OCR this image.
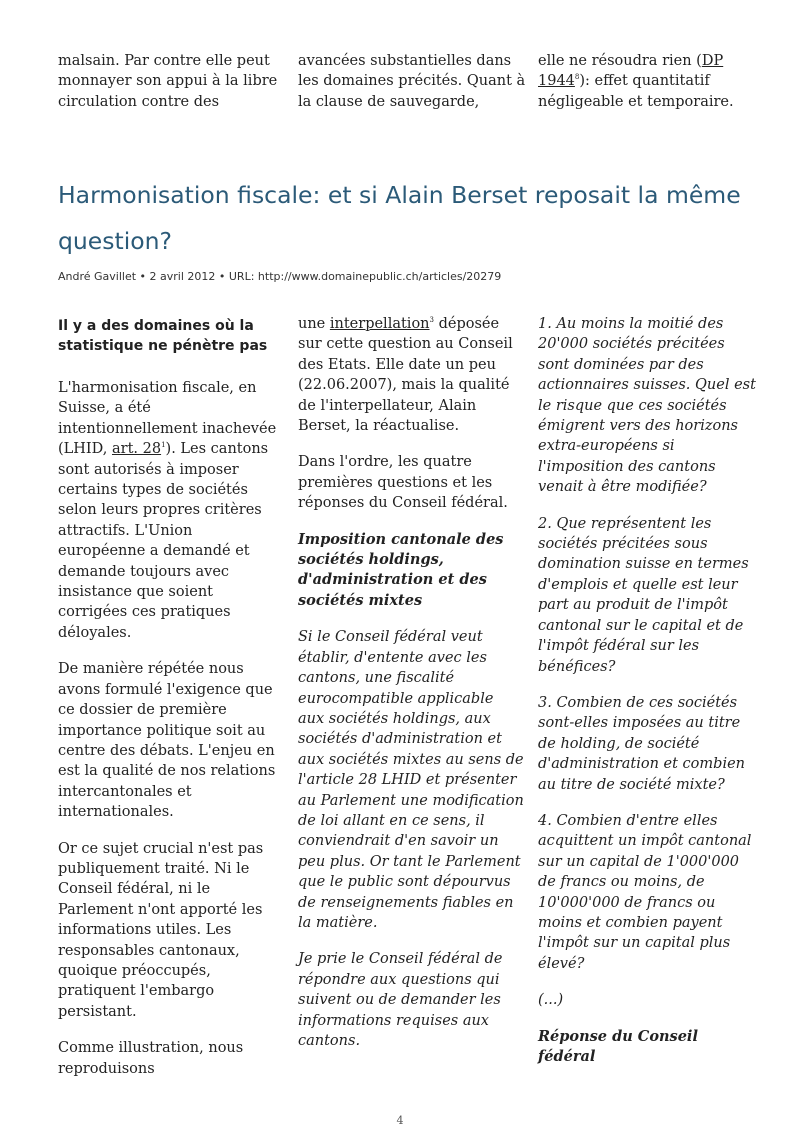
malsain. Par contre elle peut monnayer son appui à la libre circulation contre des

avancées substantielles dans les domaines précités. Quant à la clause de sauvegarde,

elle ne résoudra rien (DP 1944$^8$): effet quantitatif négligeable et temporaire.

Harmonisation fiscale: et si Alain Berset reposait la même question?
André Gavillet • 2 avril 2012 • URL: http://www.domainepublic.ch/articles/20279

Il y a des domaines où la statistique ne pénètre pas

L'harmonisation fiscale, en Suisse, a été intentionnellement inachevée (LHID, art. $28^1$). Les cantons sont autorisés à imposer certains types de sociétés selon leurs propres critères attractifs. L'Union européenne a demandé et demande toujours avec insistance que soient corrigées ces pratiques déloyales.

De manière répétée nous avons formulé l'exigence que ce dossier de première importance politique soit au centre des débats. L'enjeu en est la qualité de nos relations intercantonales et internationales.

Or ce sujet crucial n'est pas publiquement traité. Ni le Conseil fédéral, ni le Parlement n'ont apporté les informations utiles. Les responsables cantonaux, quoique préoccupés, pratiquent l'embargo persistant.

Comme illustration, nous reproduisons

une interpellation$^3$ déposée sur cette question au Conseil des Etats. Elle date un peu (22.06.2007), mais la qualité de l'interpellateur, Alain Berset, la réactualise.

Dans l'ordre, les quatre premières questions et les réponses du Conseil fédéral.

Imposition cantonale des sociétés holdings, d'administration et des sociétés mixtes

Si le Conseil fédéral veut établir, d'entente avec les cantons, une fiscalité eurocompatible applicable aux sociétés holdings, aux sociétés d'administration et aux sociétés mixtes au sens de l'article 28 LHID et présenter au Parlement une modification de loi allant en ce sens, il conviendrait d'en savoir un peu plus. Or tant le Parlement que le public sont dépourvus de renseignements fiables en la matière.

Je prie le Conseil fédéral de répondre aux questions qui suivent ou de demander les informations requises aux cantons.

1. Au moins la moitié des 20'000 sociétés précitées sont dominées par des actionnaires suisses. Quel est le risque que ces sociétés émigrent vers des horizons extra-européens si l'imposition des cantons venait à être modifiée?

2. Que représentent les sociétés précitées sous domination suisse en termes d'emplois et quelle est leur part au produit de l'impôt cantonal sur le capital et de l'impôt fédéral sur les bénéfices?

3. Combien de ces sociétés sont-elles imposées au titre de holding, de société d'administration et combien au titre de société mixte?

4. Combien d'entre elles acquittent un impôt cantonal sur un capital de 1'000'000 de francs ou moins, de 10'000'000 de francs ou moins et combien payent l'impôt sur un capital plus élevé?

(...)

Réponse du Conseil fédéral

4
